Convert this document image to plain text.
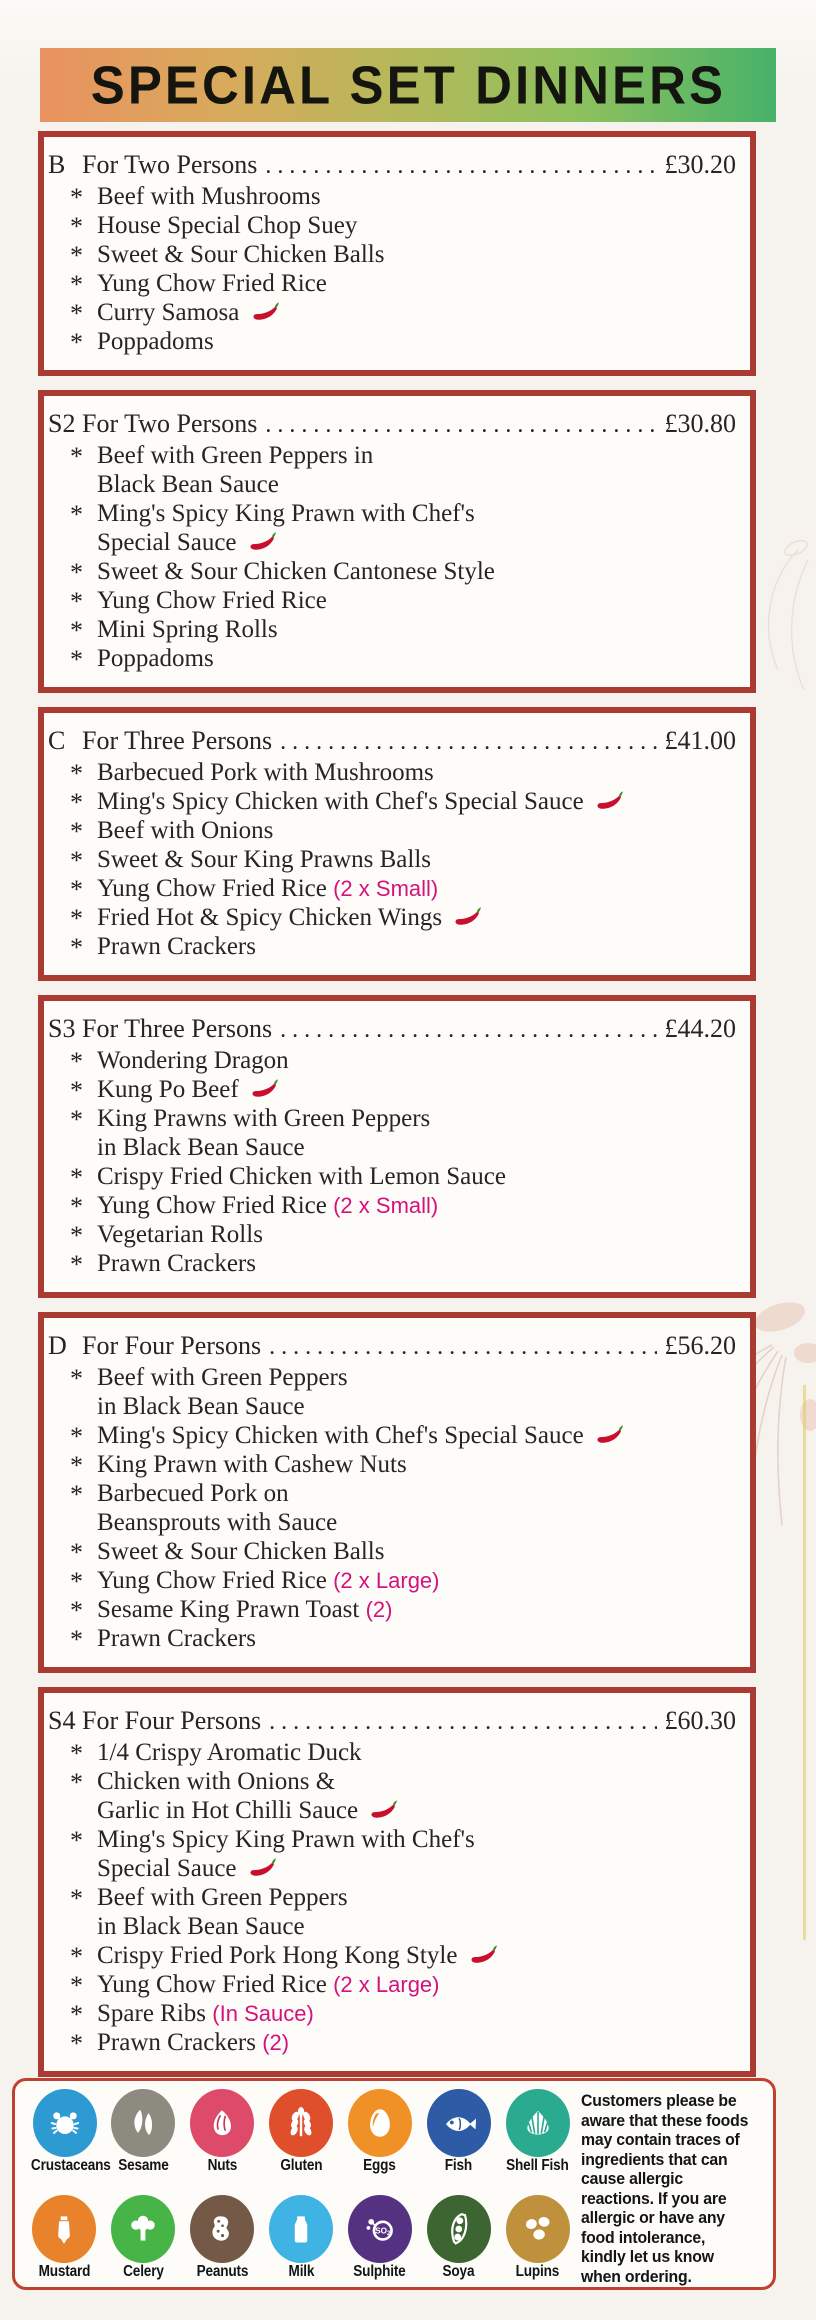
SPECIAL SET DINNERS
B For Two Persons . . .	£30.20
* Beef with Mushrooms
* House Special Chop Suey
* Sweet & Sour Chicken Balls
* Yung Chow Fried Rice
* Curry Samosa
* Poppadoms
S2 For Two Persons . . .	£30.80
* Beef with Green Peppers in
Black Bean Sauce
* Ming's Spicy King Prawn with Chef's
Special Sauce
* Sweet & Sour Chicken Cantonese Style
* Yung Chow Fried Rice
* Mini Spring Rolls
* Poppadoms
C For Three Persons . . .	£41.00
* Barbecued Pork with Mushrooms
* Ming's Spicy Chicken with Chef's Special Sauce
* Beef with Onions
* Sweet & Sour King Prawns Balls
* Yung Chow Fried Rice (2 x Small)
* Fried Hot & Spicy Chicken Wings
* Prawn Crackers
S3 For Three Persons . . .	£44.20
* Wondering Dragon
* Kung Po Beef
* King Prawns with Green Peppers
in Black Bean Sauce
* Crispy Fried Chicken with Lemon Sauce
* Yung Chow Fried Rice (2 x Small)
* Vegetarian Rolls
* Prawn Crackers
D For Four Persons . . .	£56.20
* Beef with Green Peppers
in Black Bean Sauce
* Ming's Spicy Chicken with Chef's Special Sauce
* King Prawn with Cashew Nuts
* Barbecued Pork on
Beansprouts with Sauce
* Sweet & Sour Chicken Balls
* Yung Chow Fried Rice (2 x Large)
* Sesame King Prawn Toast (2)
* Prawn Crackers
S4 For Four Persons . . .	£60.30
* 1/4 Crispy Aromatic Duck
* Chicken with Onions &
Garlic in Hot Chilli Sauce
* Ming's Spicy King Prawn with Chef's
Special Sauce
* Beef with Green Peppers
in Black Bean Sauce
* Crispy Fried Pork Hong Kong Style
* Yung Chow Fried Rice (2 x Large)
* Spare Ribs (In Sauce)
* Prawn Crackers (2)
Crustaceans Sesame	Nuts	Gluten	Eggs	Fish	Shell Fish
Mustard	Celery	Peanuts	Milk
$SO_2$
Sulphite	Soya	Lupins
Customers please be aware that these foods may contain traces of ingredients that can cause allergic reactions. If you are allergic or have any food intolerance, kindly let us know when ordering.
